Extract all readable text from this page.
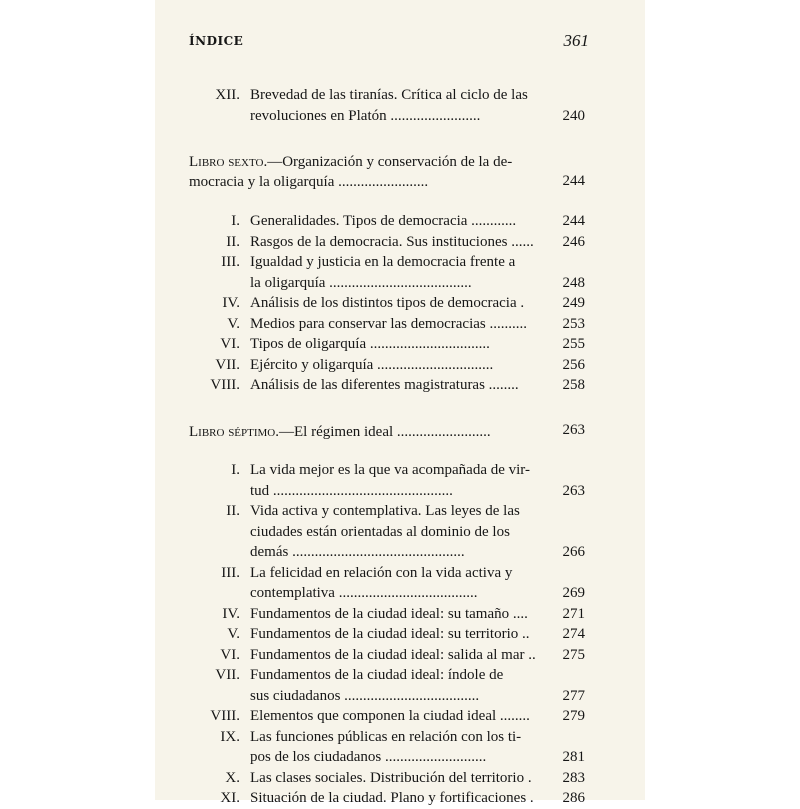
ÍNDICE	361
XII. Brevedad de las tiranías. Crítica al ciclo de las
revoluciones en Platón ........................	240
Libro sexto.—Organización y conservación de la de-
mocracia y la oligarquía ........................	244
I. Generalidades. Tipos de democracia ............	244
II. Rasgos de la democracia. Sus instituciones ......	246
III. Igualdad y justicia en la democracia frente a
la oligarquía ......................................	248
IV. Análisis de los distintos tipos de democracia .	249
V. Medios para conservar las democracias ..........	253
VI. Tipos de oligarquía ................................	255
VII. Ejército y oligarquía ...............................	256
VIII. Análisis de las diferentes magistraturas ........	258
Libro séptimo.—El régimen ideal .........................	263
I. La vida mejor es la que va acompañada de vir-
tud ................................................	263
II. Vida activa y contemplativa. Las leyes de las
ciudades están orientadas al dominio de los
demás ..............................................	266
III. La felicidad en relación con la vida activa y
contemplativa .....................................	269
IV. Fundamentos de la ciudad ideal: su tamaño ....	271
V. Fundamentos de la ciudad ideal: su territorio ..	274
VI. Fundamentos de la ciudad ideal: salida al mar ..	275
VII. Fundamentos de la ciudad ideal: índole de
sus ciudadanos ....................................	277
VIII. Elementos que componen la ciudad ideal ........	279
IX. Las funciones públicas en relación con los ti-
pos de los ciudadanos ...........................	281
X. Las clases sociales. Distribución del territorio .	283
XI. Situación de la ciudad. Plano y fortificaciones .	286
